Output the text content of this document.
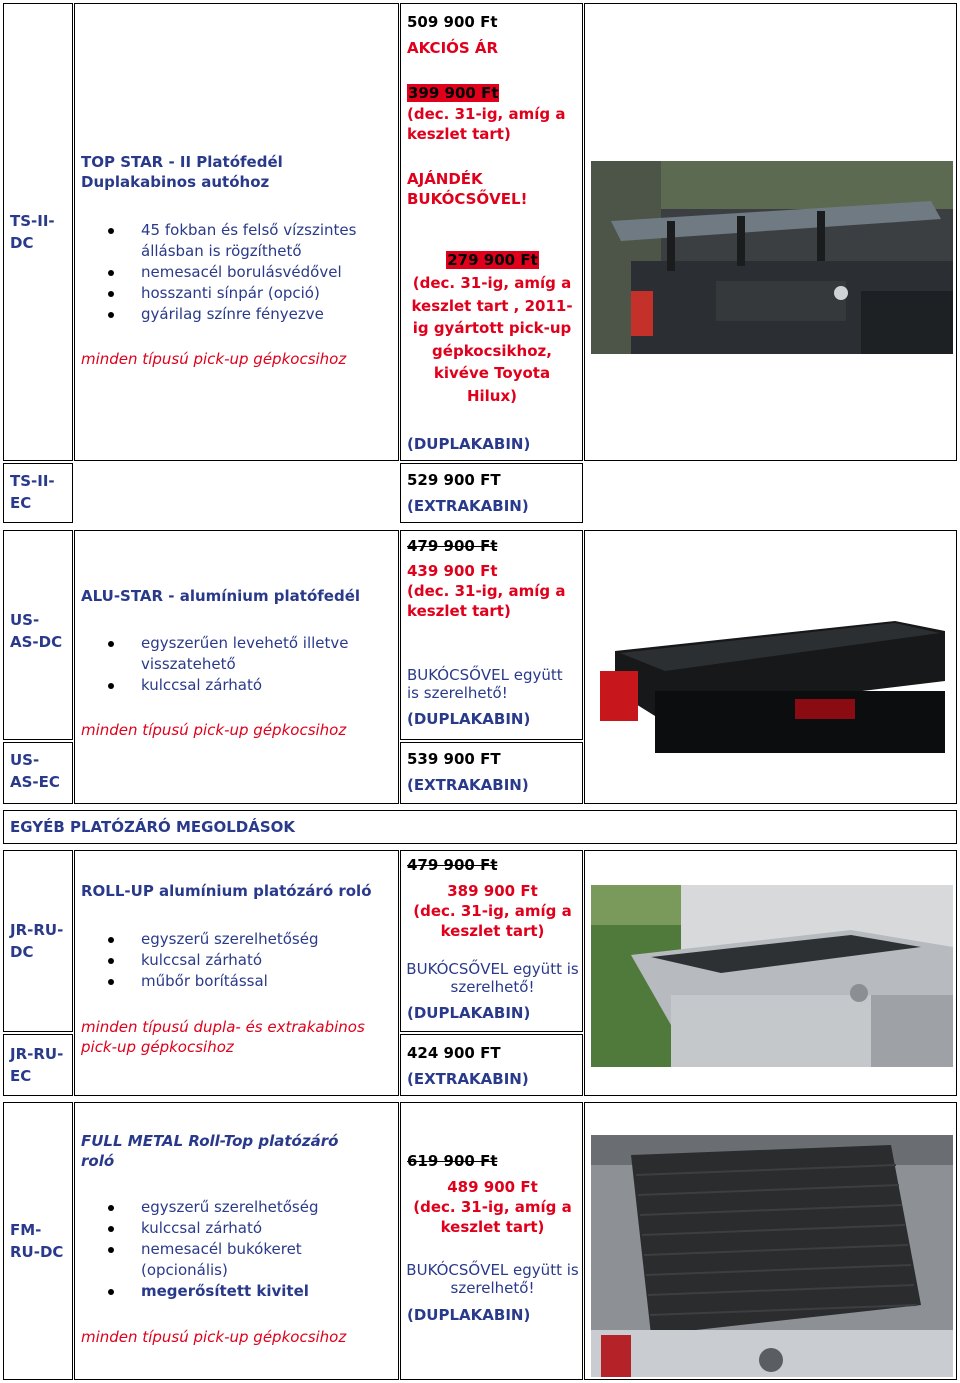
TS-II-DC
TOP STAR - II Platófedél Duplakabinos autóhoz
45 fokban és felső vízszintes állásban is rögzíthető
nemesacél borulásvédővel
hosszanti sínpár (opció)
gyárilag színre fényezve
minden típusú pick-up gépkocsihoz
509 900 Ft
AKCIÓS ÁR
399 900 Ft
(dec. 31-ig, amíg a keszlet tart)
AJÁNDÉK BUKÓCSŐVEL!
279 900 Ft
(dec. 31-ig, amíg a keszlet tart , 2011-ig gyártott pick-up gépkocsikhoz, kivéve Toyota Hilux)
(DUPLAKABIN)
TS-II-EC
529 900 FT
(EXTRAKABIN)
US-AS-DC
US-AS-EC
ALU-STAR - alumínium platófedél
egyszerűen levehető illetve visszatehető
kulccsal zárható
minden típusú pick-up gépkocsihoz
479 900 Ft
439 900 Ft
(dec. 31-ig, amíg a keszlet tart)
BUKÓCSŐVEL együtt is szerelhető!
(DUPLAKABIN)
539 900 FT
(EXTRAKABIN)
EGYÉB PLATÓZÁRÓ MEGOLDÁSOK
JR-RU-DC
JR-RU-EC
ROLL-UP alumínium platózáró roló
egyszerű szerelhetőség
kulccsal zárható
műbőr borítással
minden típusú dupla- és extrakabinos pick-up gépkocsihoz
479 900 Ft
389 900 Ft
(dec. 31-ig, amíg a keszlet tart)
BUKÓCSŐVEL együtt is szerelhető!
(DUPLAKABIN)
424 900 FT
(EXTRAKABIN)
FM-RU-DC
FULL METAL Roll-Top platózáró roló
egyszerű szerelhetőség
kulccsal zárható
nemesacél bukókeret (opcionális)
megerősített kivitel
minden típusú pick-up gépkocsihoz
619 900 Ft
489 900 Ft
(dec. 31-ig, amíg a keszlet tart)
BUKÓCSŐVEL együtt is szerelhető!
(DUPLAKABIN)
